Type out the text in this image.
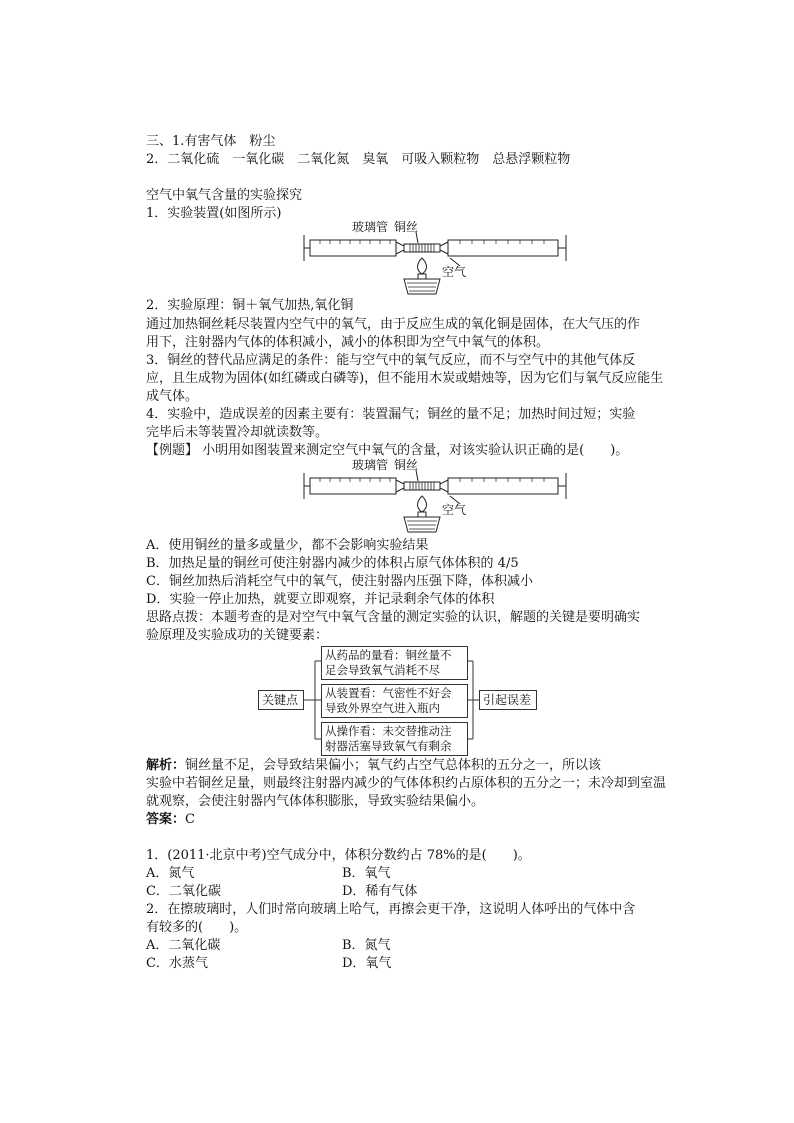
三、1.有害气体　粉尘
2．二氧化硫　一氧化碳　二氧化氮　臭氧　可吸入颗粒物　总悬浮颗粒物
空气中氧气含量的实验探究
1．实验装置(如图所示)
玻璃管 铜丝
空气
2．实验原理：铜＋氧气加热,氧化铜
通过加热铜丝耗尽装置内空气中的氧气，由于反应生成的氧化铜是固体，在大气压的作
用下，注射器内气体的体积减小，减小的体积即为空气中氧气的体积。
3．铜丝的替代品应满足的条件：能与空气中的氧气反应，而不与空气中的其他气体反
应，且生成物为固体(如红磷或白磷等)，但不能用木炭或蜡烛等，因为它们与氧气反应能生
成气体。
4．实验中，造成误差的因素主要有：装置漏气；铜丝的量不足；加热时间过短；实验
完毕后未等装置冷却就读数等。
【例题】 小明用如图装置来测定空气中氧气的含量，对该实验认识正确的是(　　)。
玻璃管 铜丝
空气
A．使用铜丝的量多或量少，都不会影响实验结果
B．加热足量的铜丝可使注射器内减少的体积占原气体体积的 4/5
C．铜丝加热后消耗空气中的氧气，使注射器内压强下降，体积减小
D．实验一停止加热，就要立即观察，并记录剩余气体的体积
思路点拨：本题考查的是对空气中氧气含量的测定实验的认识，解题的关键是要明确实
验原理及实验成功的关键要素：
关键点
从药品的量看：铜丝量不
足会导致氧气消耗不尽
从装置看：气密性不好会
导致外界空气进入瓶内
从操作看：未交替推动注
射器活塞导致氧气有剩余
引起误差
解析：铜丝量不足，会导致结果偏小；氧气约占空气总体积的五分之一，所以该
实验中若铜丝足量，则最终注射器内减少的气体体积约占原体积的五分之一；未冷却到室温
就观察，会使注射器内气体体积膨胀，导致实验结果偏小。
答案：C
1．(2011·北京中考)空气成分中，体积分数约占 78%的是(　　)。
A．氮气	B．氧气
C．二氧化碳	D．稀有气体
2．在擦玻璃时，人们时常向玻璃上哈气，再擦会更干净，这说明人体呼出的气体中含
有较多的(　　)。
A．二氧化碳	B．氮气
C．水蒸气	D．氧气
